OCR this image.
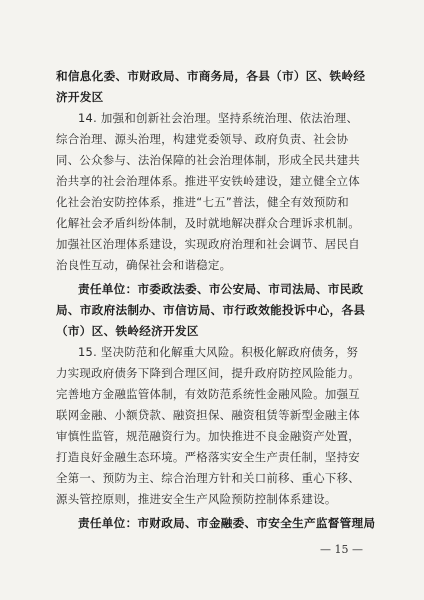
和信息化委、市财政局、市商务局，各县（市）区、铁岭经
济开发区
14. 加强和创新社会治理。坚持系统治理、依法治理、
综合治理、源头治理，构建党委领导、政府负责、社会协
同、公众参与、法治保障的社会治理体制，形成全民共建共
治共享的社会治理体系。推进平安铁岭建设，建立健全立体
化社会治安防控体系，推进“七五”普法，健全有效预防和
化解社会矛盾纠纷体制，及时就地解决群众合理诉求机制。
加强社区治理体系建设，实现政府治理和社会调节、居民自
治良性互动，确保社会和谐稳定。
责任单位：市委政法委、市公安局、市司法局、市民政
局、市政府法制办、市信访局、市行政效能投诉中心，各县
（市）区、铁岭经济开发区
15. 坚决防范和化解重大风险。积极化解政府债务，努
力实现政府债务下降到合理区间，提升政府防控风险能力。
完善地方金融监管体制，有效防范系统性金融风险。加强互
联网金融、小额贷款、融资担保、融资租赁等新型金融主体
审慎性监管，规范融资行为。加快推进不良金融资产处置，
打造良好金融生态环境。严格落实安全生产责任制，坚持安
全第一、预防为主、综合治理方针和关口前移、重心下移、
源头管控原则，推进安全生产风险预防控制体系建设。
责任单位：市财政局、市金融委、市安全生产监督管理局
— 15 —
